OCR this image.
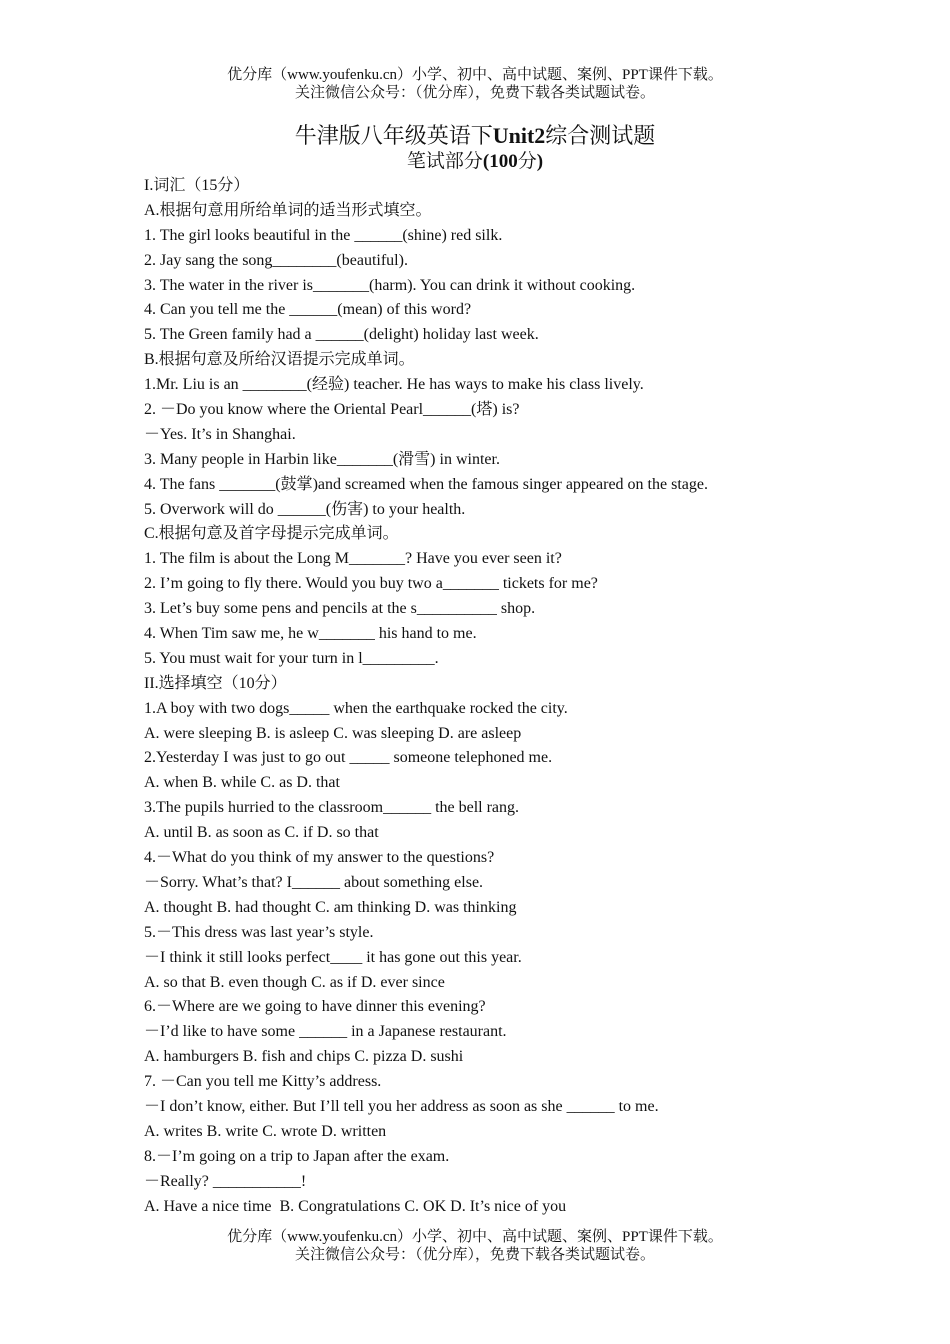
优分库（www.youfenku.cn）小学、初中、高中试题、案例、PPT课件下载。
关注微信公众号：（优分库），免费下载各类试题试卷。
牛津版八年级英语下Unit2综合测试题
笔试部分(100分)
I.词汇（15分）
A.根据句意用所给单词的适当形式填空。
1. The girl looks beautiful in the ______(shine) red silk.
2. Jay sang the song________(beautiful).
3. The water in the river is_______(harm). You can drink it without cooking.
4. Can you tell me the ______(mean) of this word?
5. The Green family had a ______(delight) holiday last week.
B.根据句意及所给汉语提示完成单词。
1.Mr. Liu is an ________(经验) teacher. He has ways to make his class lively.
2. －Do you know where the Oriental Pearl______(塔) is?
－Yes. It’s in Shanghai.
3. Many people in Harbin like_______(滑雪) in winter.
4. The fans _______(鼓掌)and screamed when the famous singer appeared on the stage.
5. Overwork will do ______(伤害) to your health.
C.根据句意及首字母提示完成单词。
1. The film is about the Long M_______? Have you ever seen it?
2. I’m going to fly there. Would you buy two a_______ tickets for me?
3. Let’s buy some pens and pencils at the s__________ shop.
4. When Tim saw me, he w_______ his hand to me.
5. You must wait for your turn in l_________.
II.选择填空（10分）
1.A boy with two dogs_____ when the earthquake rocked the city.
A. were sleeping B. is asleep C. was sleeping D. are asleep
2.Yesterday I was just to go out _____ someone telephoned me.
A. when B. while C. as D. that
3.The pupils hurried to the classroom______ the bell rang.
A. until B. as soon as C. if D. so that
4.－What do you think of my answer to the questions?
－Sorry. What’s that? I______ about something else.
A. thought B. had thought C. am thinking D. was thinking
5.－This dress was last year’s style.
－I think it still looks perfect____ it has gone out this year.
A. so that B. even though C. as if D. ever since
6.－Where are we going to have dinner this evening?
－I’d like to have some ______ in a Japanese restaurant.
A. hamburgers B. fish and chips C. pizza D. sushi
7. －Can you tell me Kitty’s address.
－I don’t know, either. But I’ll tell you her address as soon as she ______ to me.
A. writes B. write C. wrote D. written
8.－I’m going on a trip to Japan after the exam.
－Really? ___________!
A. Have a nice time  B. Congratulations C. OK D. It’s nice of you
优分库（www.youfenku.cn）小学、初中、高中试题、案例、PPT课件下载。
关注微信公众号：（优分库），免费下载各类试题试卷。
